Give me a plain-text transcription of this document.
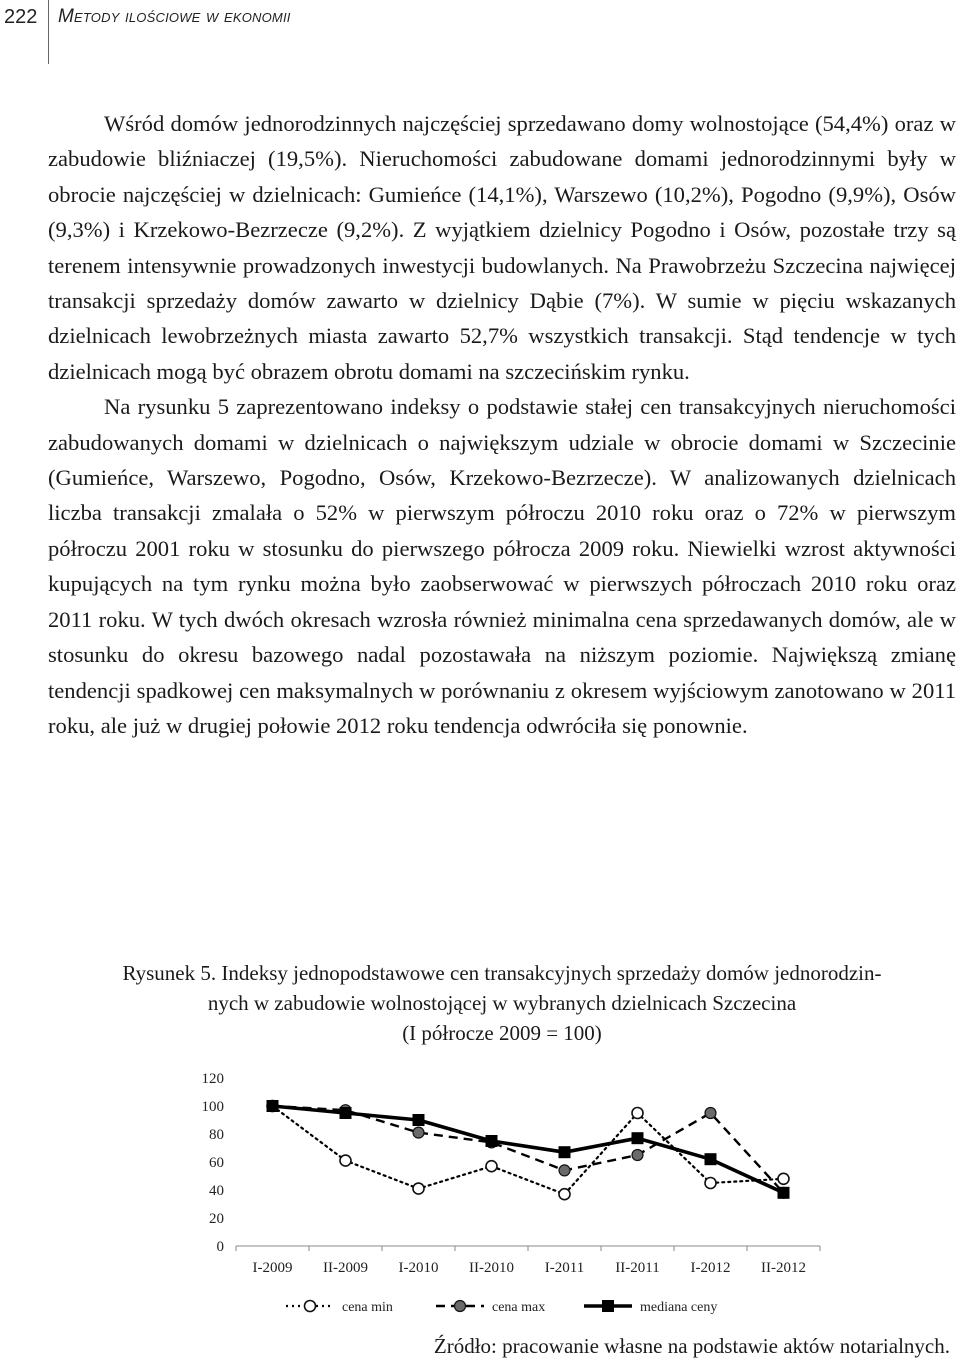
222 Metody ilościowe w ekonomii

Wśród domów jednorodzinnych najczęściej sprzedawano domy wolnostojące (54,4%) oraz w zabudowie bliźniaczej (19,5%). Nieruchomości zabudowane domami jednorodzinnymi były w obrocie najczęściej w dzielnicach: Gumieńce (14,1%), Warszewo (10,2%), Pogodno (9,9%), Osów (9,3%) i Krzekowo-Bezrzecze (9,2%). Z wyjątkiem dzielnicy Pogodno i Osów, pozostałe trzy są terenem intensywnie prowadzonych inwestycji budowlanych. Na Prawobrzeżu Szczecina najwięcej transakcji sprzedaży domów zawarto w dzielnicy Dąbie (7%). W sumie w pięciu wskazanych dzielnicach lewobrzeżnych miasta zawarto 52,7% wszystkich transakcji. Stąd tendencje w tych dzielnicach mogą być obrazem obrotu domami na szczecińskim rynku.

Na rysunku 5 zaprezentowano indeksy o podstawie stałej cen transakcyjnych nieruchomości zabudowanych domami w dzielnicach o największym udziale w obrocie domami w Szczecinie (Gumieńce, Warszewo, Pogodno, Osów, Krzekowo-Bezrzecze). W analizowanych dzielnicach liczba transakcji zmalała o 52% w pierwszym półroczu 2010 roku oraz o 72% w pierwszym półroczu 2001 roku w stosunku do pierwszego półrocza 2009 roku. Niewielki wzrost aktywności kupujących na tym rynku można było zaobserwować w pierwszych półroczach 2010 roku oraz 2011 roku. W tych dwóch okresach wzrosła również minimalna cena sprzedawanych domów, ale w stosunku do okresu bazowego nadal pozostawała na niższym poziomie. Największą zmianę tendencji spadkowej cen maksymalnych w porównaniu z okresem wyjściowym zanotowano w 2011 roku, ale już w drugiej połowie 2012 roku tendencja odwróciła się ponownie.

Rysunek 5. Indeksy jednopodstawowe cen transakcyjnych sprzedaży domów jednorodzin-
nych w zabudowie wolnostojącej w wybranych dzielnicach Szczecina
(I półrocze 2009 = 100)
0
20
40
60
80
100
120
I-2009 II-2009 I-2010 II-2010 I-2011 II-2011 I-2012 II-2012
cena min	cena max	mediana ceny
Źródło: pracowanie własne na podstawie aktów notarialnych.
